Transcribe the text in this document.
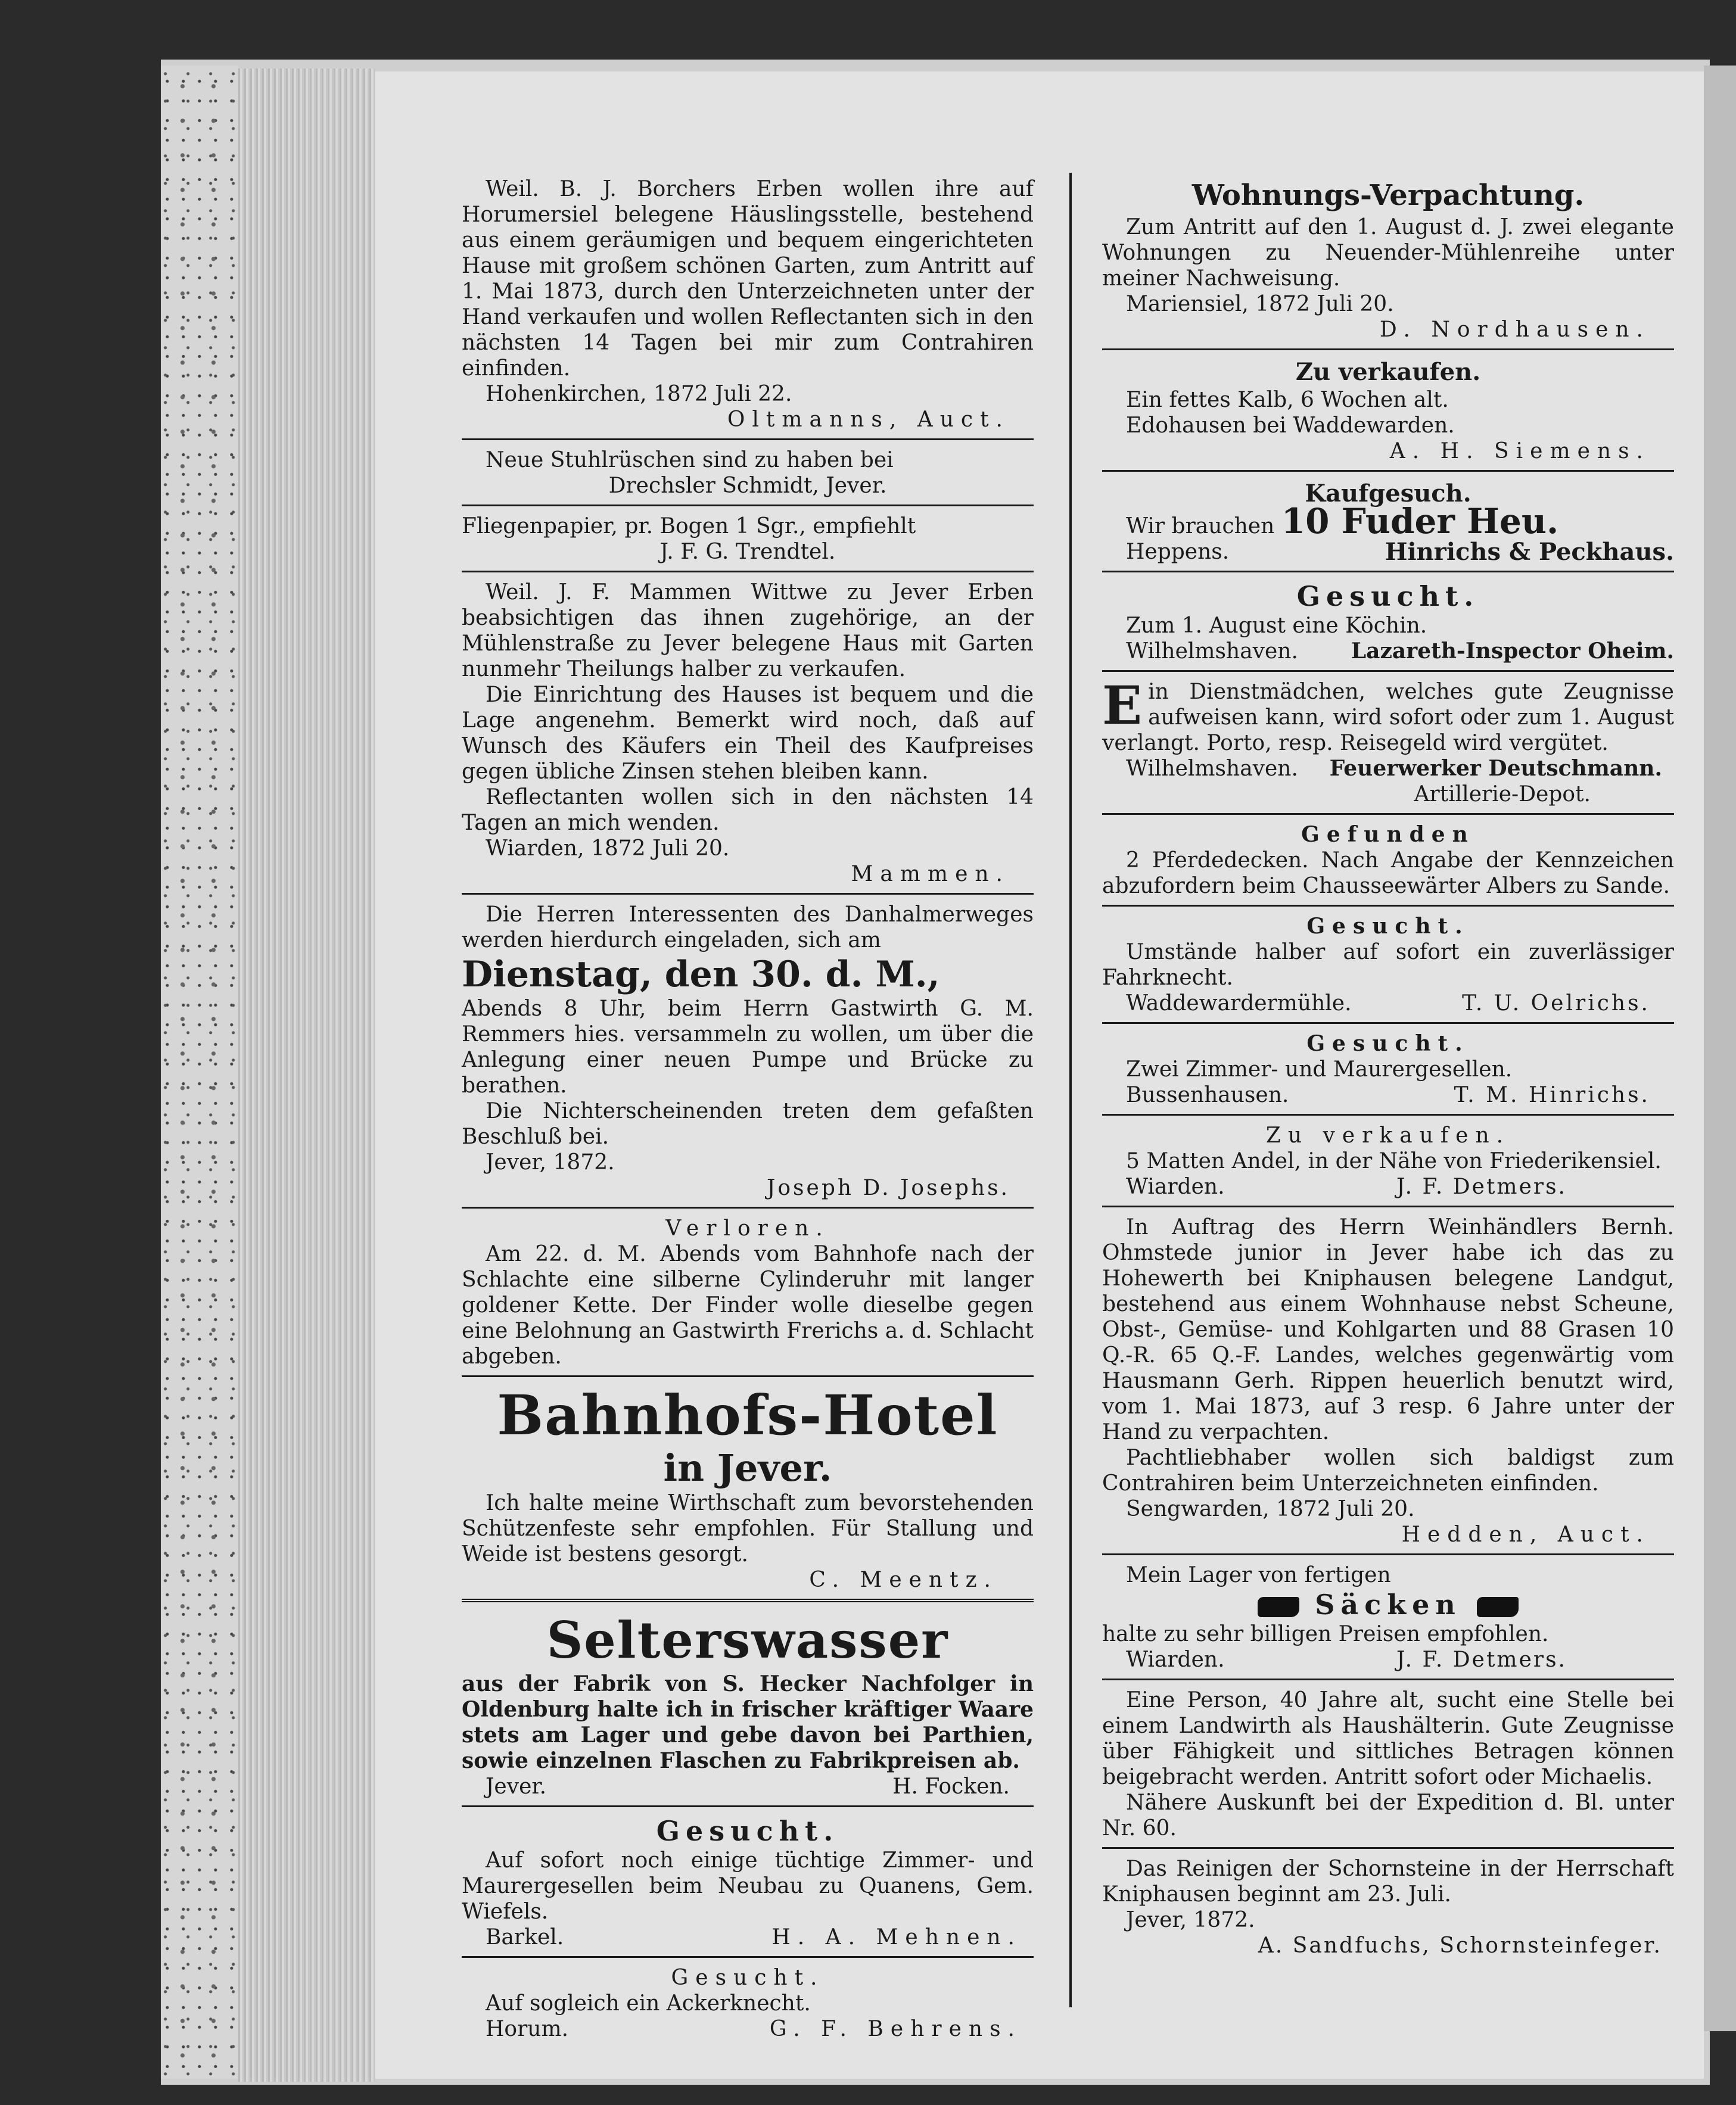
Weil. B. J. Borchers Erben wollen ihre auf Horumersiel belegene Häuslingsstelle, bestehend aus einem geräumigen und bequem eingerichteten Hause mit großem schönen Garten, zum Antritt auf 1. Mai 1873, durch den Unterzeichneten unter der Hand verkaufen und wollen Reflectanten sich in den nächsten 14 Tagen bei mir zum Contrahiren einfinden.

Hohenkirchen, 1872 Juli 22.

Oltmanns, Auct.

Neue Stuhlrüschen sind zu haben bei

Drechsler Schmidt, Jever.

Fliegenpapier, pr. Bogen 1 Sgr., empfiehlt

J. F. G. Trendtel.

Weil. J. F. Mammen Wittwe zu Jever Erben beabsichtigen das ihnen zugehörige, an der Mühlenstraße zu Jever belegene Haus mit Garten nunmehr Theilungs halber zu verkaufen.

Die Einrichtung des Hauses ist bequem und die Lage angenehm. Bemerkt wird noch, daß auf Wunsch des Käufers ein Theil des Kaufpreises gegen übliche Zinsen stehen bleiben kann.

Reflectanten wollen sich in den nächsten 14 Tagen an mich wenden.

Wiarden, 1872 Juli 20.

Mammen.

Die Herren Interessenten des Danhalmerweges werden hierdurch eingeladen, sich am

Dienstag, den 30. d. M.,

Abends 8 Uhr, beim Herrn Gastwirth G. M. Remmers hies. versammeln zu wollen, um über die Anlegung einer neuen Pumpe und Brücke zu berathen.

Die Nichterscheinenden treten dem gefaßten Beschluß bei.

Jever, 1872.

Joseph D. Josephs.

Verloren.

Am 22. d. M. Abends vom Bahnhofe nach der Schlachte eine silberne Cylinderuhr mit langer goldener Kette. Der Finder wolle dieselbe gegen eine Belohnung an Gastwirth Frerichs a. d. Schlacht abgeben.

Bahnhofs-Hotel

in Jever.

Ich halte meine Wirthschaft zum bevorstehenden Schützenfeste sehr empfohlen. Für Stallung und Weide ist bestens gesorgt.

C. Meentz.

Selterswasser

aus der Fabrik von S. Hecker Nachfolger in Oldenburg halte ich in frischer kräftiger Waare stets am Lager und gebe davon bei Parthien, sowie einzelnen Flaschen zu Fabrikpreisen ab.

Jever.	H. Focken.

Gesucht.

Auf sofort noch einige tüchtige Zimmer- und Maurergesellen beim Neubau zu Quanens, Gem. Wiefels.

Barkel.	H. A. Mehnen.

Gesucht.

Auf sogleich ein Ackerknecht.

Horum.	G. F. Behrens.

Wohnungs-Verpachtung.

Zum Antritt auf den 1. August d. J. zwei elegante Wohnungen zu Neuender-Mühlenreihe unter meiner Nachweisung.

Mariensiel, 1872 Juli 20.

D. Nordhausen.

Zu verkaufen.

Ein fettes Kalb, 6 Wochen alt.

Edohausen bei Waddewarden.

A. H. Siemens.

Kaufgesuch.

Wir brauchen 10 Fuder Heu.

Heppens.	Hinrichs & Peckhaus.

Gesucht.

Zum 1. August eine Köchin.

Wilhelmshaven. Lazareth-Inspector Oheim.

E in Dienstmädchen, welches gute Zeugnisse aufweisen kann, wird sofort oder zum 1. August verlangt. Porto, resp. Reisegeld wird vergütet.

Wilhelmshaven. Feuerwerker Deutschmann.

Artillerie-Depot.

Gefunden

2 Pferdedecken. Nach Angabe der Kennzeichen abzufordern beim Chausseewärter Albers zu Sande.

Gesucht.

Umstände halber auf sofort ein zuverlässiger Fahrknecht.

Waddewardermühle.	T. U. Oelrichs.

Gesucht.

Zwei Zimmer- und Maurergesellen.

Bussenhausen.	T. M. Hinrichs.

Zu verkaufen.

5 Matten Andel, in der Nähe von Friederikensiel.

Wiarden.	J. F. Detmers.

In Auftrag des Herrn Weinhändlers Bernh. Ohmstede junior in Jever habe ich das zu Hohewerth bei Kniphausen belegene Landgut, bestehend aus einem Wohnhause nebst Scheune, Obst-, Gemüse- und Kohlgarten und 88 Grasen 10 Q.-R. 65 Q.-F. Landes, welches gegenwärtig vom Hausmann Gerh. Rippen heuerlich benutzt wird, vom 1. Mai 1873, auf 3 resp. 6 Jahre unter der Hand zu verpachten.

Pachtliebhaber wollen sich baldigst zum Contrahiren beim Unterzeichneten einfinden.

Sengwarden, 1872 Juli 20.

Hedden, Auct.

Mein Lager von fertigen

Säcken

halte zu sehr billigen Preisen empfohlen.

Wiarden.	J. F. Detmers.

Eine Person, 40 Jahre alt, sucht eine Stelle bei einem Landwirth als Haushälterin. Gute Zeugnisse über Fähigkeit und sittliches Betragen können beigebracht werden. Antritt sofort oder Michaelis.

Nähere Auskunft bei der Expedition d. Bl. unter Nr. 60.

Das Reinigen der Schornsteine in der Herrschaft Kniphausen beginnt am 23. Juli.

Jever, 1872.

A. Sandfuchs, Schornsteinfeger.
